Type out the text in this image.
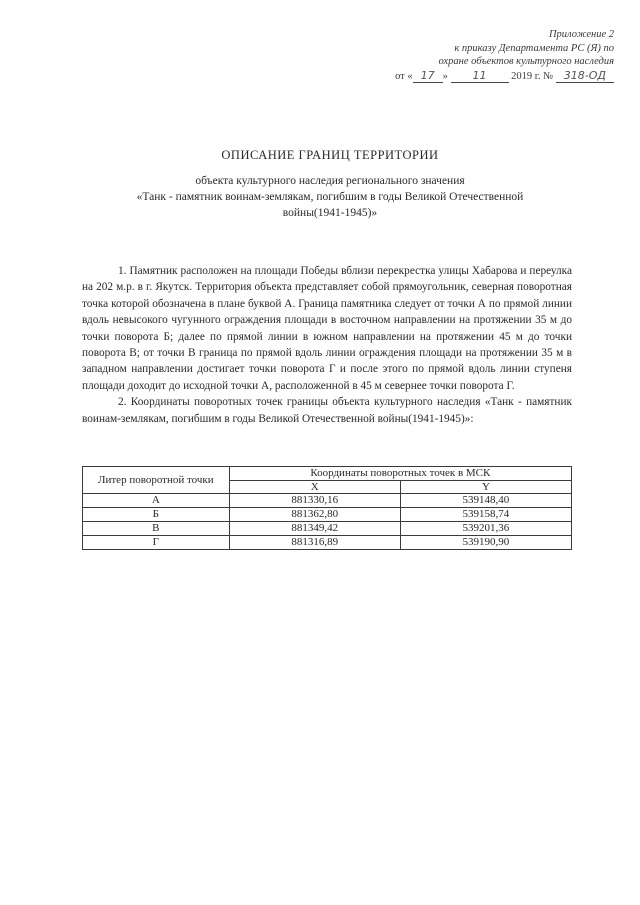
Приложение 2
к приказу Департамента РС (Я) по
охране объектов культурного наследия
от « 17 » 11 2019 г. № 318-ОД
ОПИСАНИЕ ГРАНИЦ ТЕРРИТОРИИ

объекта культурного наследия регионального значения

«Танк - памятник воинам-землякам, погибшим в годы Великой Отечественной

войны(1941-1945)»

1. Памятник расположен на площади Победы вблизи перекрестка улицы Хабарова и переулка на 202 м.р. в г. Якутск. Территория объекта представляет собой прямоугольник, северная поворотная точка которой обозначена в плане буквой А. Граница памятника следует от точки А по прямой линии вдоль невысокого чугунного ограждения площади в восточном направлении на протяжении 35 м до точки поворота Б; далее по прямой линии в южном направлении на протяжении 45 м до точки поворота В; от точки В граница по прямой вдоль линии ограждения площади на протяжении 35 м в западном направлении достигает точки поворота Г и после этого по прямой вдоль линии ступеня площади доходит до исходной точки А, расположенной в 45 м севернее точки поворота Г.

2. Координаты поворотных точек границы объекта культурного наследия «Танк - памятник воинам-землякам, погибшим в годы Великой Отечественной войны(1941-1945)»:

Литер поворотной точки	Координаты поворотных точек в МСК	
	X	Y
А	881330,16	539148,40
Б	881362,80	539158,74
В	881349,42	539201,36
Г	881316,89	539190,90
